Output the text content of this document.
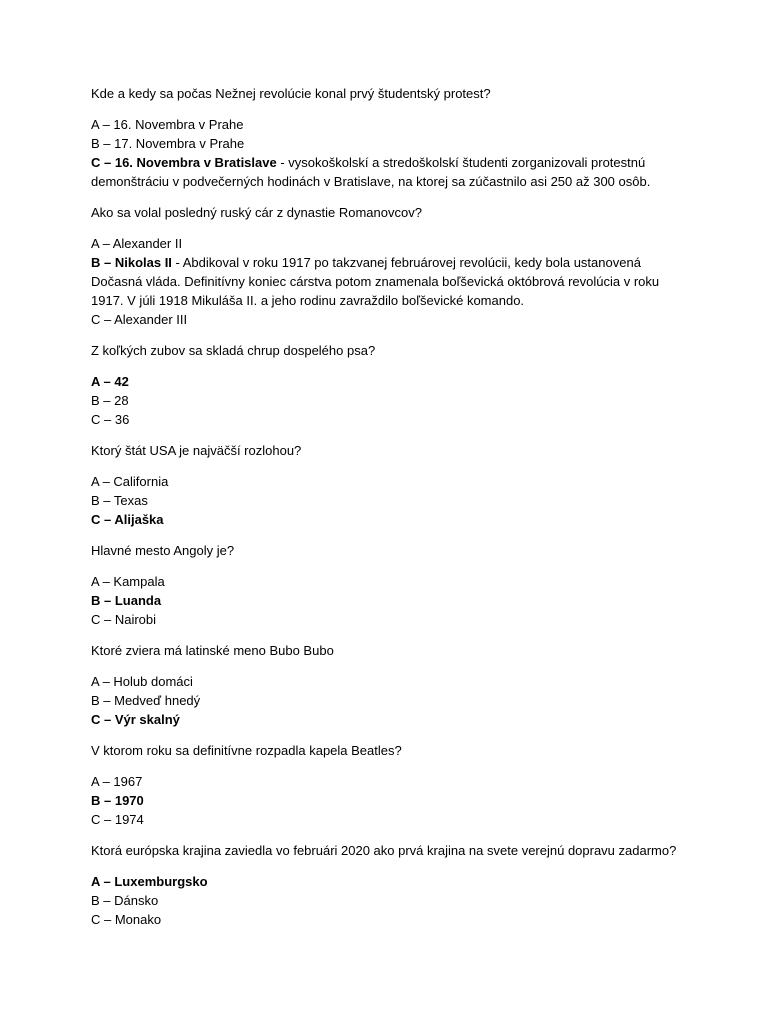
Kde a kedy sa počas Nežnej revolúcie konal prvý študentský protest?

A – 16. Novembra v Prahe

B – 17. Novembra v Prahe

C – 16. Novembra v Bratislave - vysokoškolskí a stredoškolskí študenti zorganizovali protestnú demonštráciu v podvečerných hodinách v Bratislave, na ktorej sa zúčastnilo asi 250 až 300 osôb.

Ako sa volal posledný ruský cár z dynastie Romanovcov?

A – Alexander II

B – Nikolas II - Abdikoval v roku 1917 po takzvanej februárovej revolúcii, kedy bola ustanovená Dočasná vláda. Definitívny koniec cárstva potom znamenala boľševická októbrová revolúcia v roku 1917. V júli 1918 Mikuláša II. a jeho rodinu zavraždilo boľševické komando.

C – Alexander III

Z koľkých zubov sa skladá chrup dospelého psa?

A – 42

B – 28

C – 36

Ktorý štát USA je najväčší rozlohou?

A – California

B – Texas

C – Alijaška

Hlavné mesto Angoly je?

A – Kampala

B – Luanda

C – Nairobi

Ktoré zviera má latinské meno Bubo Bubo

A – Holub domáci

B – Medveď hnedý

C – Výr skalný

V ktorom roku sa definitívne rozpadla kapela Beatles?

A – 1967

B – 1970

C – 1974

Ktorá európska krajina zaviedla vo februári 2020 ako prvá krajina na svete verejnú dopravu zadarmo?

A – Luxemburgsko

B – Dánsko

C – Monako
